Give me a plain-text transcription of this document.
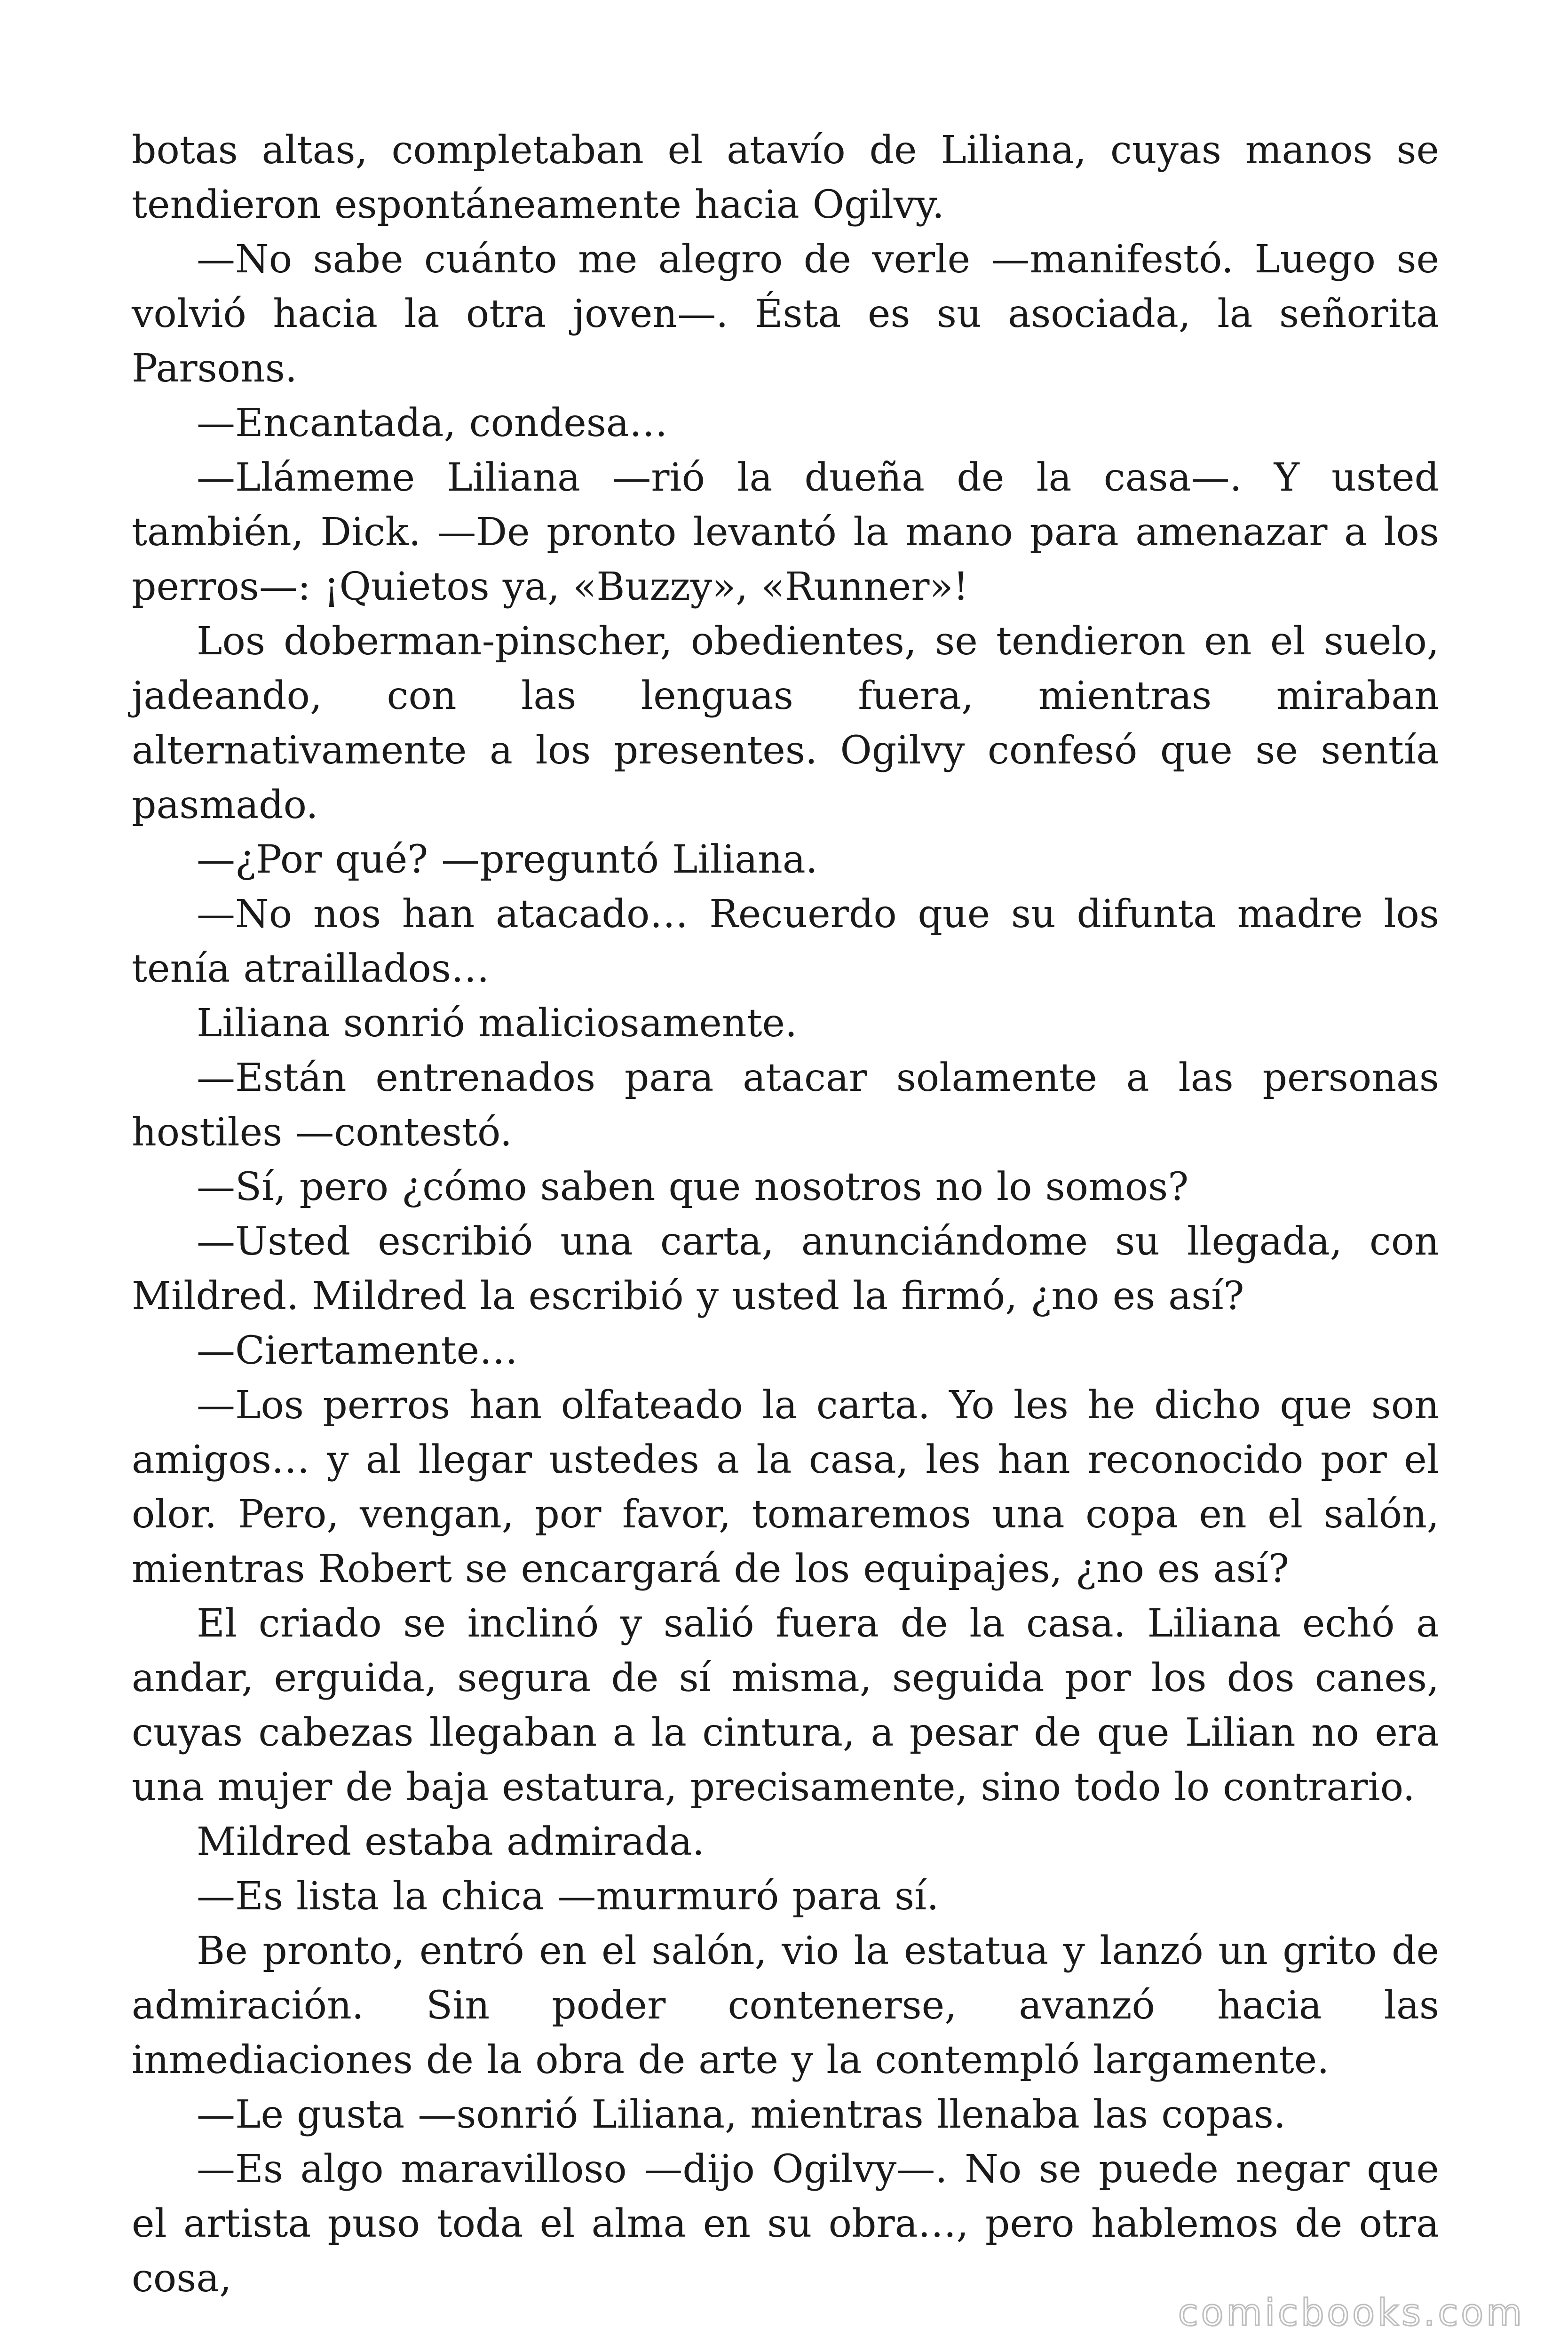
botas altas, completaban el atavío de Liliana, cuyas manos se tendieron espontáneamente hacia Ogilvy.

—No sabe cuánto me alegro de verle —manifestó. Luego se volvió hacia la otra joven—. Ésta es su asociada, la señorita Parsons.

—Encantada, condesa…

—Llámeme Liliana —rió la dueña de la casa—. Y usted también, Dick. —De pronto levantó la mano para amenazar a los perros—: ¡Quietos ya, «Buzzy», «Runner»!

Los doberman-pinscher, obedientes, se tendieron en el suelo, jadeando, con las lenguas fuera, mientras miraban alternativamente a los presentes. Ogilvy confesó que se sentía pasmado.

—¿Por qué? —preguntó Liliana.

—No nos han atacado… Recuerdo que su difunta madre los tenía atraillados…

Liliana sonrió maliciosamente.

—Están entrenados para atacar solamente a las personas hostiles —contestó.

—Sí, pero ¿cómo saben que nosotros no lo somos?

—Usted escribió una carta, anunciándome su llegada, con Mildred. Mildred la escribió y usted la firmó, ¿no es así?

—Ciertamente…

—Los perros han olfateado la carta. Yo les he dicho que son amigos… y al llegar ustedes a la casa, les han reconocido por el olor. Pero, vengan, por favor, tomaremos una copa en el salón, mientras Robert se encargará de los equipajes, ¿no es así?

El criado se inclinó y salió fuera de la casa. Liliana echó a andar, erguida, segura de sí misma, seguida por los dos canes, cuyas cabezas llegaban a la cintura, a pesar de que Lilian no era una mujer de baja estatura, precisamente, sino todo lo contrario.

Mildred estaba admirada.

—Es lista la chica —murmuró para sí.

Be pronto, entró en el salón, vio la estatua y lanzó un grito de admiración. Sin poder contenerse, avanzó hacia las inmediaciones de la obra de arte y la contempló largamente.

—Le gusta —sonrió Liliana, mientras llenaba las copas.

—Es algo maravilloso —dijo Ogilvy—. No se puede negar que el artista puso toda el alma en su obra…, pero hablemos de otra cosa,

comicbooks.com
